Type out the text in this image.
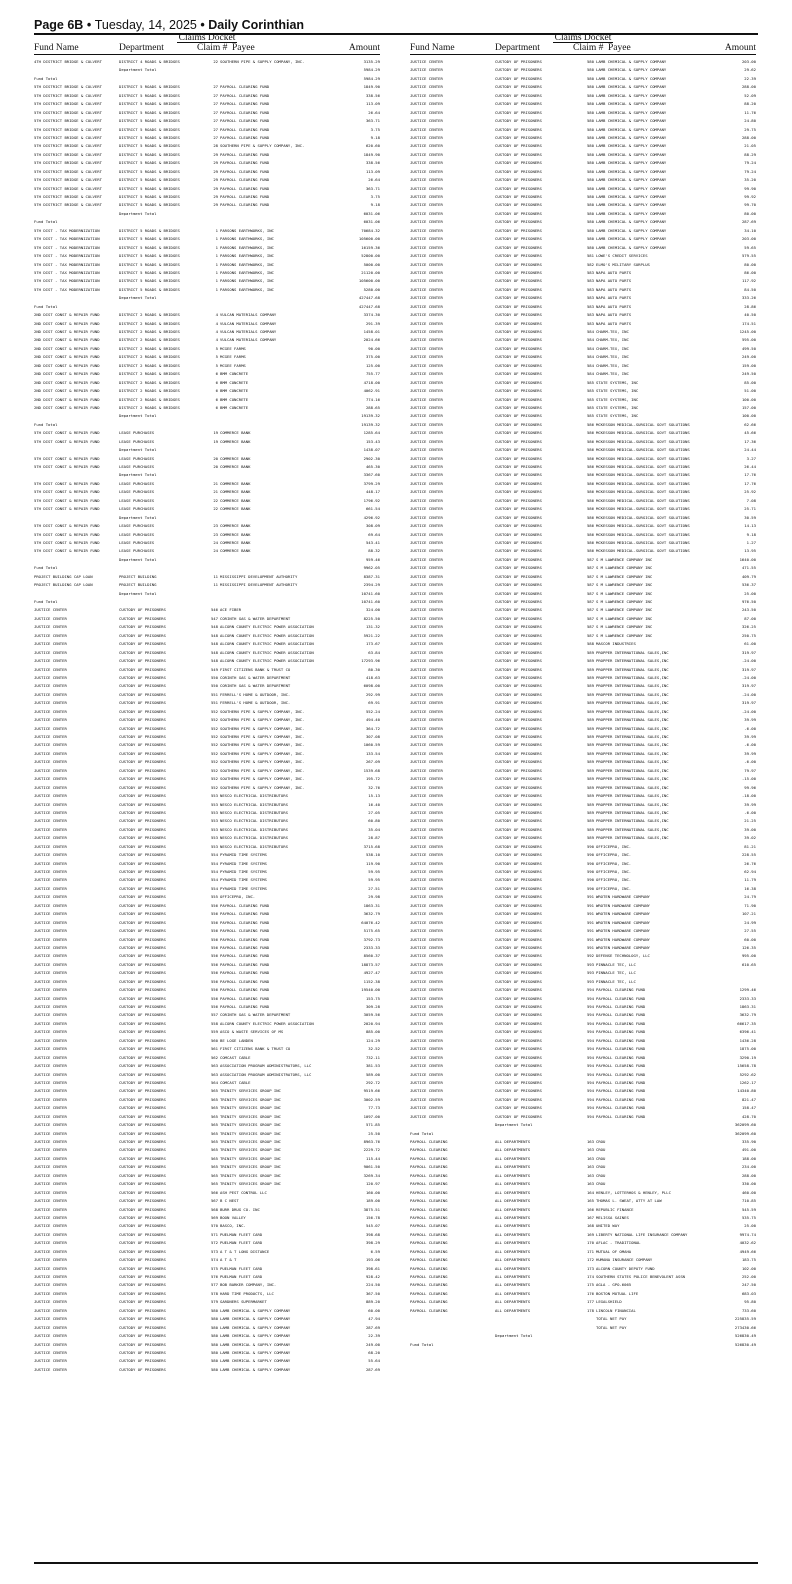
Page 6B • Tuesday, 14, 2025 • Daily Corinthian
Claims Docket
Fund Name	Department	Claim # Payee	Amount
4TH DISTRICT BRIDGE & CULVERT	DISTRICT 4 ROADS & BRIDGES	22 SOUTHERN PIPE & SUPPLY COMPANY, INC.	3135.29
Department Total	5984.29
Fund Total	5984.29
5TH DISTRICT BRIDGE & CULVERT	DISTRICT 5 ROADS & BRIDGES	27 PAYROLL CLEARING FUND	1849.90
5TH DISTRICT BRIDGE & CULVERT	DISTRICT 5 ROADS & BRIDGES	27 PAYROLL CLEARING FUND	338.56
5TH DISTRICT BRIDGE & CULVERT	DISTRICT 5 ROADS & BRIDGES	27 PAYROLL CLEARING FUND	113.09
5TH DISTRICT BRIDGE & CULVERT	DISTRICT 5 ROADS & BRIDGES	27 PAYROLL CLEARING FUND	26.64
5TH DISTRICT BRIDGE & CULVERT	DISTRICT 5 ROADS & BRIDGES	27 PAYROLL CLEARING FUND	363.71
5TH DISTRICT BRIDGE & CULVERT	DISTRICT 5 ROADS & BRIDGES	27 PAYROLL CLEARING FUND	3.75
5TH DISTRICT BRIDGE & CULVERT	DISTRICT 5 ROADS & BRIDGES	27 PAYROLL CLEARING FUND	9.18
5TH DISTRICT BRIDGE & CULVERT	DISTRICT 5 ROADS & BRIDGES	28 SOUTHERN PIPE & SUPPLY COMPANY, INC.	620.60
5TH DISTRICT BRIDGE & CULVERT	DISTRICT 5 ROADS & BRIDGES	29 PAYROLL CLEARING FUND	1849.90
5TH DISTRICT BRIDGE & CULVERT	DISTRICT 5 ROADS & BRIDGES	29 PAYROLL CLEARING FUND	338.56
5TH DISTRICT BRIDGE & CULVERT	DISTRICT 5 ROADS & BRIDGES	29 PAYROLL CLEARING FUND	113.09
5TH DISTRICT BRIDGE & CULVERT	DISTRICT 5 ROADS & BRIDGES	29 PAYROLL CLEARING FUND	26.64
5TH DISTRICT BRIDGE & CULVERT	DISTRICT 5 ROADS & BRIDGES	29 PAYROLL CLEARING FUND	363.71
5TH DISTRICT BRIDGE & CULVERT	DISTRICT 5 ROADS & BRIDGES	29 PAYROLL CLEARING FUND	3.75
5TH DISTRICT BRIDGE & CULVERT	DISTRICT 5 ROADS & BRIDGES	29 PAYROLL CLEARING FUND	9.18
Department Total	6031.06
Fund Total	6031.06
5TH DIST - TAX MODERNIZATION	DISTRICT 5 ROADS & BRIDGES	1 PARSONS EARTHWORKS, INC	70684.32
5TH DIST - TAX MODERNIZATION	DISTRICT 5 ROADS & BRIDGES	1 PARSONS EARTHWORKS, INC	105600.00
5TH DIST - TAX MODERNIZATION	DISTRICT 5 ROADS & BRIDGES	1 PARSONS EARTHWORKS, INC	16159.36
5TH DIST - TAX MODERNIZATION	DISTRICT 5 ROADS & BRIDGES	1 PARSONS EARTHWORKS, INC	52800.00
5TH DIST - TAX MODERNIZATION	DISTRICT 5 ROADS & BRIDGES	1 PARSONS EARTHWORKS, INC	5000.00
5TH DIST - TAX MODERNIZATION	DISTRICT 5 ROADS & BRIDGES	1 PARSONS EARTHWORKS, INC	21120.00
5TH DIST - TAX MODERNIZATION	DISTRICT 5 ROADS & BRIDGES	1 PARSONS EARTHWORKS, INC	105600.00
5TH DIST - TAX MODERNIZATION	DISTRICT 5 ROADS & BRIDGES	1 PARSONS EARTHWORKS, INC	5280.00
Department Total	427447.68
Fund Total	427447.68
2ND DIST CONST & REPAIR FUND	DISTRICT 2 ROADS & BRIDGES	4 VULCAN MATERIALS COMPANY	3374.30
2ND DIST CONST & REPAIR FUND	DISTRICT 2 ROADS & BRIDGES	4 VULCAN MATERIALS COMPANY	291.39
2ND DIST CONST & REPAIR FUND	DISTRICT 2 ROADS & BRIDGES	4 VULCAN MATERIALS COMPANY	1458.01
2ND DIST CONST & REPAIR FUND	DISTRICT 2 ROADS & BRIDGES	4 VULCAN MATERIALS COMPANY	2024.66
2ND DIST CONST & REPAIR FUND	DISTRICT 2 ROADS & BRIDGES	5 MCGEE FARMS	90.00
2ND DIST CONST & REPAIR FUND	DISTRICT 2 ROADS & BRIDGES	5 MCGEE FARMS	375.00
2ND DIST CONST & REPAIR FUND	DISTRICT 2 ROADS & BRIDGES	5 MCGEE FARMS	125.00
2ND DIST CONST & REPAIR FUND	DISTRICT 2 ROADS & BRIDGES	6 BMM CONCRETE	755.77
2ND DIST CONST & REPAIR FUND	DISTRICT 2 ROADS & BRIDGES	6 BMM CONCRETE	4718.00
2ND DIST CONST & REPAIR FUND	DISTRICT 2 ROADS & BRIDGES	6 BMM CONCRETE	4062.91
2ND DIST CONST & REPAIR FUND	DISTRICT 2 ROADS & BRIDGES	6 BMM CONCRETE	774.16
2ND DIST CONST & REPAIR FUND	DISTRICT 2 ROADS & BRIDGES	6 BMM CONCRETE	288.65
Department Total	19139.32
Fund Total	19139.32
5TH DIST CONST & REPAIR FUND	LEASE PURCHASES	19 COMMERCE BANK	1285.64
5TH DIST CONST & REPAIR FUND	LEASE PURCHASES	19 COMMERCE BANK	153.43
Department Total	1438.07
5TH DIST CONST & REPAIR FUND	LEASE PURCHASES	20 COMMERCE BANK	2902.30
5TH DIST CONST & REPAIR FUND	LEASE PURCHASES	20 COMMERCE BANK	465.30
Department Total	3367.60
5TH DIST CONST & REPAIR FUND	LEASE PURCHASES	21 COMMERCE BANK	3799.29
5TH DIST CONST & REPAIR FUND	LEASE PURCHASES	21 COMMERCE BANK	448.17
5TH DIST CONST & REPAIR FUND	LEASE PURCHASES	22 COMMERCE BANK	1796.92
5TH DIST CONST & REPAIR FUND	LEASE PURCHASES	22 COMMERCE BANK	661.54
Department Total	4296.92
5TH DIST CONST & REPAIR FUND	LEASE PURCHASES	23 COMMERCE BANK	308.09
5TH DIST CONST & REPAIR FUND	LEASE PURCHASES	23 COMMERCE BANK	69.64
5TH DIST CONST & REPAIR FUND	LEASE PURCHASES	24 COMMERCE BANK	543.41
5TH DIST CONST & REPAIR FUND	LEASE PURCHASES	24 COMMERCE BANK	88.32
Department Total	959.46
Fund Total	9962.05
PROJECT BUILDING CAP LOAN	PROJECT BUILDING	11 MISSISSIPPI DEVELOPMENT AUTHORITY	8387.31
PROJECT BUILDING CAP LOAN	PROJECT BUILDING	11 MISSISSIPPI DEVELOPMENT AUTHORITY	2394.29
Department Total	10741.60
Fund Total	10741.60
JUSTICE CENTER	CUSTODY OF PRISONERS	546 ACE FIBER	324.00
JUSTICE CENTER	CUSTODY OF PRISONERS	547 CORINTH GAS & WATER DEPARTMENT	8225.50
JUSTICE CENTER	CUSTODY OF PRISONERS	548 ALCORN COUNTY ELECTRIC POWER ASSOCIATION	131.32
JUSTICE CENTER	CUSTODY OF PRISONERS	548 ALCORN COUNTY ELECTRIC POWER ASSOCIATION	5921.22
JUSTICE CENTER	CUSTODY OF PRISONERS	548 ALCORN COUNTY ELECTRIC POWER ASSOCIATION	173.67
JUSTICE CENTER	CUSTODY OF PRISONERS	548 ALCORN COUNTY ELECTRIC POWER ASSOCIATION	63.84
JUSTICE CENTER	CUSTODY OF PRISONERS	548 ALCORN COUNTY ELECTRIC POWER ASSOCIATION	17293.96
JUSTICE CENTER	CUSTODY OF PRISONERS	549 FIRST CITIZENS BANK & TRUST CO	80.30
JUSTICE CENTER	CUSTODY OF PRISONERS	550 CORINTH GAS & WATER DEPARTMENT	418.63
JUSTICE CENTER	CUSTODY OF PRISONERS	550 CORINTH GAS & WATER DEPARTMENT	6098.00
JUSTICE CENTER	CUSTODY OF PRISONERS	551 FERRELL'S HOME & OUTDOOR, INC.	292.99
JUSTICE CENTER	CUSTODY OF PRISONERS	551 FERRELL'S HOME & OUTDOOR, INC.	69.91
JUSTICE CENTER	CUSTODY OF PRISONERS	552 SOUTHERN PIPE & SUPPLY COMPANY, INC.	552.24
JUSTICE CENTER	CUSTODY OF PRISONERS	552 SOUTHERN PIPE & SUPPLY COMPANY, INC.	494.40
JUSTICE CENTER	CUSTODY OF PRISONERS	552 SOUTHERN PIPE & SUPPLY COMPANY, INC.	364.72
JUSTICE CENTER	CUSTODY OF PRISONERS	552 SOUTHERN PIPE & SUPPLY COMPANY, INC.	307.08
JUSTICE CENTER	CUSTODY OF PRISONERS	552 SOUTHERN PIPE & SUPPLY COMPANY, INC.	1060.59
JUSTICE CENTER	CUSTODY OF PRISONERS	552 SOUTHERN PIPE & SUPPLY COMPANY, INC.	133.54
JUSTICE CENTER	CUSTODY OF PRISONERS	552 SOUTHERN PIPE & SUPPLY COMPANY, INC.	267.09
JUSTICE CENTER	CUSTODY OF PRISONERS	552 SOUTHERN PIPE & SUPPLY COMPANY, INC.	1539.68
JUSTICE CENTER	CUSTODY OF PRISONERS	552 SOUTHERN PIPE & SUPPLY COMPANY, INC.	195.72
JUSTICE CENTER	CUSTODY OF PRISONERS	552 SOUTHERN PIPE & SUPPLY COMPANY, INC.	32.76
JUSTICE CENTER	CUSTODY OF PRISONERS	553 NESCO ELECTRICAL DISTRIBUTORS	15.13
JUSTICE CENTER	CUSTODY OF PRISONERS	553 NESCO ELECTRICAL DISTRIBUTORS	16.40
JUSTICE CENTER	CUSTODY OF PRISONERS	553 NESCO ELECTRICAL DISTRIBUTORS	27.05
JUSTICE CENTER	CUSTODY OF PRISONERS	553 NESCO ELECTRICAL DISTRIBUTORS	60.80
JUSTICE CENTER	CUSTODY OF PRISONERS	553 NESCO ELECTRICAL DISTRIBUTORS	35.04
JUSTICE CENTER	CUSTODY OF PRISONERS	553 NESCO ELECTRICAL DISTRIBUTORS	28.87
JUSTICE CENTER	CUSTODY OF PRISONERS	553 NESCO ELECTRICAL DISTRIBUTORS	3715.68
JUSTICE CENTER	CUSTODY OF PRISONERS	554 PYRAMID TIME SYSTEMS	538.10
JUSTICE CENTER	CUSTODY OF PRISONERS	554 PYRAMID TIME SYSTEMS	119.90
JUSTICE CENTER	CUSTODY OF PRISONERS	554 PYRAMID TIME SYSTEMS	59.95
JUSTICE CENTER	CUSTODY OF PRISONERS	554 PYRAMID TIME SYSTEMS	59.95
JUSTICE CENTER	CUSTODY OF PRISONERS	554 PYRAMID TIME SYSTEMS	27.51
JUSTICE CENTER	CUSTODY OF PRISONERS	555 OFFICEPRO, INC.	29.98
JUSTICE CENTER	CUSTODY OF PRISONERS	556 PAYROLL CLEARING FUND	1863.31
JUSTICE CENTER	CUSTODY OF PRISONERS	556 PAYROLL CLEARING FUND	3632.79
JUSTICE CENTER	CUSTODY OF PRISONERS	556 PAYROLL CLEARING FUND	64076.42
JUSTICE CENTER	CUSTODY OF PRISONERS	556 PAYROLL CLEARING FUND	5175.65
JUSTICE CENTER	CUSTODY OF PRISONERS	556 PAYROLL CLEARING FUND	3792.73
JUSTICE CENTER	CUSTODY OF PRISONERS	556 PAYROLL CLEARING FUND	2333.33
JUSTICE CENTER	CUSTODY OF PRISONERS	556 PAYROLL CLEARING FUND	8560.37
JUSTICE CENTER	CUSTODY OF PRISONERS	556 PAYROLL CLEARING FUND	18873.57
JUSTICE CENTER	CUSTODY OF PRISONERS	556 PAYROLL CLEARING FUND	4927.47
JUSTICE CENTER	CUSTODY OF PRISONERS	556 PAYROLL CLEARING FUND	1152.38
JUSTICE CENTER	CUSTODY OF PRISONERS	556 PAYROLL CLEARING FUND	19540.00
JUSTICE CENTER	CUSTODY OF PRISONERS	556 PAYROLL CLEARING FUND	153.75
JUSTICE CENTER	CUSTODY OF PRISONERS	556 PAYROLL CLEARING FUND	309.28
JUSTICE CENTER	CUSTODY OF PRISONERS	557 CORINTH GAS & WATER DEPARTMENT	3059.56
JUSTICE CENTER	CUSTODY OF PRISONERS	558 ALCORN COUNTY ELECTRIC POWER ASSOCIATION	2020.94
JUSTICE CENTER	CUSTODY OF PRISONERS	559 ASCO & WASTE SERVICES OF MS	885.00
JUSTICE CENTER	CUSTODY OF PRISONERS	560 BE LOGE LANDEN	124.29
JUSTICE CENTER	CUSTODY OF PRISONERS	561 FIRST CITIZENS BANK & TRUST CO	32.52
JUSTICE CENTER	CUSTODY OF PRISONERS	562 COMCAST CABLE	732.11
JUSTICE CENTER	CUSTODY OF PRISONERS	563 ASSOCIATION PROGRAM ADMINISTRATORS, LLC	381.53
JUSTICE CENTER	CUSTODY OF PRISONERS	563 ASSOCIATION PROGRAM ADMINISTRATORS, LLC	589.00
JUSTICE CENTER	CUSTODY OF PRISONERS	564 COMCAST CABLE	292.72
JUSTICE CENTER	CUSTODY OF PRISONERS	565 TRINITY SERVICES GROUP INC	9519.66
JUSTICE CENTER	CUSTODY OF PRISONERS	565 TRINITY SERVICES GROUP INC	3002.59
JUSTICE CENTER	CUSTODY OF PRISONERS	565 TRINITY SERVICES GROUP INC	77.73
JUSTICE CENTER	CUSTODY OF PRISONERS	565 TRINITY SERVICES GROUP INC	1097.00
JUSTICE CENTER	CUSTODY OF PRISONERS	565 TRINITY SERVICES GROUP INC	571.85
JUSTICE CENTER	CUSTODY OF PRISONERS	565 TRINITY SERVICES GROUP INC	25.50
JUSTICE CENTER	CUSTODY OF PRISONERS	565 TRINITY SERVICES GROUP INC	8963.76
JUSTICE CENTER	CUSTODY OF PRISONERS	565 TRINITY SERVICES GROUP INC	2229.72
JUSTICE CENTER	CUSTODY OF PRISONERS	565 TRINITY SERVICES GROUP INC	115.44
JUSTICE CENTER	CUSTODY OF PRISONERS	565 TRINITY SERVICES GROUP INC	9061.50
JUSTICE CENTER	CUSTODY OF PRISONERS	565 TRINITY SERVICES GROUP INC	3269.34
JUSTICE CENTER	CUSTODY OF PRISONERS	565 TRINITY SERVICES GROUP INC	120.97
JUSTICE CENTER	CUSTODY OF PRISONERS	566 ASH PEST CONTROL LLC	160.00
JUSTICE CENTER	CUSTODY OF PRISONERS	567 B C NEST	189.00
JUSTICE CENTER	CUSTODY OF PRISONERS	568 BURR DRUG CO. INC	3875.51
JUSTICE CENTER	CUSTODY OF PRISONERS	569 BOON VALLEY	156.78
JUSTICE CENTER	CUSTODY OF PRISONERS	570 BASCO, INC.	545.07
JUSTICE CENTER	CUSTODY OF PRISONERS	571 PUELMAN FLEET CARD	398.68
JUSTICE CENTER	CUSTODY OF PRISONERS	572 PUELMAN FLEET CARD	398.29
JUSTICE CENTER	CUSTODY OF PRISONERS	573 A T & T LONG DISTANCE	6.59
JUSTICE CENTER	CUSTODY OF PRISONERS	574 A T & T	193.06
JUSTICE CENTER	CUSTODY OF PRISONERS	575 PUELMAN FLEET CARD	398.61
JUSTICE CENTER	CUSTODY OF PRISONERS	576 PUELMAN FLEET CARD	928.42
JUSTICE CENTER	CUSTODY OF PRISONERS	577 BOB BARKER COMPANY, INC.	224.50
JUSTICE CENTER	CUSTODY OF PRISONERS	578 HARD TIME PRODUCTS, LLC	367.50
JUSTICE CENTER	CUSTODY OF PRISONERS	579 GARDNERS SUPERMARKET	889.20
JUSTICE CENTER	CUSTODY OF PRISONERS	580 LAMB CHEMICAL & SUPPLY COMPANY	60.00
JUSTICE CENTER	CUSTODY OF PRISONERS	580 LAMB CHEMICAL & SUPPLY COMPANY	47.94
JUSTICE CENTER	CUSTODY OF PRISONERS	580 LAMB CHEMICAL & SUPPLY COMPANY	287.69
JUSTICE CENTER	CUSTODY OF PRISONERS	580 LAMB CHEMICAL & SUPPLY COMPANY	22.39
JUSTICE CENTER	CUSTODY OF PRISONERS	580 LAMB CHEMICAL & SUPPLY COMPANY	249.00
JUSTICE CENTER	CUSTODY OF PRISONERS	580 LAMB CHEMICAL & SUPPLY COMPANY	68.20
JUSTICE CENTER	CUSTODY OF PRISONERS	580 LAMB CHEMICAL & SUPPLY COMPANY	55.64
JUSTICE CENTER	CUSTODY OF PRISONERS	580 LAMB CHEMICAL & SUPPLY COMPANY	287.69
Claims Docket
Fund Name	Department	Claim # Payee	Amount
JUSTICE CENTER	CUSTODY OF PRISONERS	580 LAMB CHEMICAL & SUPPLY COMPANY	203.00
JUSTICE CENTER	CUSTODY OF PRISONERS	580 LAMB CHEMICAL & SUPPLY COMPANY	29.62
JUSTICE CENTER	CUSTODY OF PRISONERS	580 LAMB CHEMICAL & SUPPLY COMPANY	22.39
JUSTICE CENTER	CUSTODY OF PRISONERS	580 LAMB CHEMICAL & SUPPLY COMPANY	288.00
JUSTICE CENTER	CUSTODY OF PRISONERS	580 LAMB CHEMICAL & SUPPLY COMPANY	52.09
JUSTICE CENTER	CUSTODY OF PRISONERS	580 LAMB CHEMICAL & SUPPLY COMPANY	88.20
JUSTICE CENTER	CUSTODY OF PRISONERS	580 LAMB CHEMICAL & SUPPLY COMPANY	11.76
JUSTICE CENTER	CUSTODY OF PRISONERS	580 LAMB CHEMICAL & SUPPLY COMPANY	24.80
JUSTICE CENTER	CUSTODY OF PRISONERS	580 LAMB CHEMICAL & SUPPLY COMPANY	29.75
JUSTICE CENTER	CUSTODY OF PRISONERS	580 LAMB CHEMICAL & SUPPLY COMPANY	288.00
JUSTICE CENTER	CUSTODY OF PRISONERS	580 LAMB CHEMICAL & SUPPLY COMPANY	21.05
JUSTICE CENTER	CUSTODY OF PRISONERS	580 LAMB CHEMICAL & SUPPLY COMPANY	88.29
JUSTICE CENTER	CUSTODY OF PRISONERS	580 LAMB CHEMICAL & SUPPLY COMPANY	79.24
JUSTICE CENTER	CUSTODY OF PRISONERS	580 LAMB CHEMICAL & SUPPLY COMPANY	79.24
JUSTICE CENTER	CUSTODY OF PRISONERS	580 LAMB CHEMICAL & SUPPLY COMPANY	35.20
JUSTICE CENTER	CUSTODY OF PRISONERS	580 LAMB CHEMICAL & SUPPLY COMPANY	99.90
JUSTICE CENTER	CUSTODY OF PRISONERS	580 LAMB CHEMICAL & SUPPLY COMPANY	99.92
JUSTICE CENTER	CUSTODY OF PRISONERS	580 LAMB CHEMICAL & SUPPLY COMPANY	99.70
JUSTICE CENTER	CUSTODY OF PRISONERS	580 LAMB CHEMICAL & SUPPLY COMPANY	80.00
JUSTICE CENTER	CUSTODY OF PRISONERS	580 LAMB CHEMICAL & SUPPLY COMPANY	287.69
JUSTICE CENTER	CUSTODY OF PRISONERS	580 LAMB CHEMICAL & SUPPLY COMPANY	34.10
JUSTICE CENTER	CUSTODY OF PRISONERS	580 LAMB CHEMICAL & SUPPLY COMPANY	203.00
JUSTICE CENTER	CUSTODY OF PRISONERS	580 LAMB CHEMICAL & SUPPLY COMPANY	59.65
JUSTICE CENTER	CUSTODY OF PRISONERS	581 LOWE'S CREDIT SERVICES	579.55
JUSTICE CENTER	CUSTODY OF PRISONERS	582 ELMO'S MILITARY SURPLUS	80.00
JUSTICE CENTER	CUSTODY OF PRISONERS	583 NAPA AUTO PARTS	86.00
JUSTICE CENTER	CUSTODY OF PRISONERS	583 NAPA AUTO PARTS	117.92
JUSTICE CENTER	CUSTODY OF PRISONERS	583 NAPA AUTO PARTS	84.50
JUSTICE CENTER	CUSTODY OF PRISONERS	583 NAPA AUTO PARTS	333.26
JUSTICE CENTER	CUSTODY OF PRISONERS	583 NAPA AUTO PARTS	28.86
JUSTICE CENTER	CUSTODY OF PRISONERS	583 NAPA AUTO PARTS	40.50
JUSTICE CENTER	CUSTODY OF PRISONERS	583 NAPA AUTO PARTS	174.51
JUSTICE CENTER	CUSTODY OF PRISONERS	584 CHARM-TEX, INC	1245.00
JUSTICE CENTER	CUSTODY OF PRISONERS	584 CHARM-TEX, INC	595.00
JUSTICE CENTER	CUSTODY OF PRISONERS	584 CHARM-TEX, INC	499.50
JUSTICE CENTER	CUSTODY OF PRISONERS	584 CHARM-TEX, INC	249.00
JUSTICE CENTER	CUSTODY OF PRISONERS	584 CHARM-TEX, INC	159.00
JUSTICE CENTER	CUSTODY OF PRISONERS	584 CHARM-TEX, INC	249.50
JUSTICE CENTER	CUSTODY OF PRISONERS	585 STATE SYSTEMS, INC	85.00
JUSTICE CENTER	CUSTODY OF PRISONERS	585 STATE SYSTEMS, INC	51.00
JUSTICE CENTER	CUSTODY OF PRISONERS	585 STATE SYSTEMS, INC	100.00
JUSTICE CENTER	CUSTODY OF PRISONERS	585 STATE SYSTEMS, INC	157.00
JUSTICE CENTER	CUSTODY OF PRISONERS	585 STATE SYSTEMS, INC	100.00
JUSTICE CENTER	CUSTODY OF PRISONERS	586 MCKESSON MEDICAL-SURGICAL GOVT SOLUTIONS	62.66
JUSTICE CENTER	CUSTODY OF PRISONERS	586 MCKESSON MEDICAL-SURGICAL GOVT SOLUTIONS	45.66
JUSTICE CENTER	CUSTODY OF PRISONERS	586 MCKESSON MEDICAL-SURGICAL GOVT SOLUTIONS	17.36
JUSTICE CENTER	CUSTODY OF PRISONERS	586 MCKESSON MEDICAL-SURGICAL GOVT SOLUTIONS	24.44
JUSTICE CENTER	CUSTODY OF PRISONERS	586 MCKESSON MEDICAL-SURGICAL GOVT SOLUTIONS	3.27
JUSTICE CENTER	CUSTODY OF PRISONERS	586 MCKESSON MEDICAL-SURGICAL GOVT SOLUTIONS	26.44
JUSTICE CENTER	CUSTODY OF PRISONERS	586 MCKESSON MEDICAL-SURGICAL GOVT SOLUTIONS	17.76
JUSTICE CENTER	CUSTODY OF PRISONERS	586 MCKESSON MEDICAL-SURGICAL GOVT SOLUTIONS	17.76
JUSTICE CENTER	CUSTODY OF PRISONERS	586 MCKESSON MEDICAL-SURGICAL GOVT SOLUTIONS	25.92
JUSTICE CENTER	CUSTODY OF PRISONERS	586 MCKESSON MEDICAL-SURGICAL GOVT SOLUTIONS	7.08
JUSTICE CENTER	CUSTODY OF PRISONERS	586 MCKESSON MEDICAL-SURGICAL GOVT SOLUTIONS	25.71
JUSTICE CENTER	CUSTODY OF PRISONERS	586 MCKESSON MEDICAL-SURGICAL GOVT SOLUTIONS	30.59
JUSTICE CENTER	CUSTODY OF PRISONERS	586 MCKESSON MEDICAL-SURGICAL GOVT SOLUTIONS	14.13
JUSTICE CENTER	CUSTODY OF PRISONERS	586 MCKESSON MEDICAL-SURGICAL GOVT SOLUTIONS	9.18
JUSTICE CENTER	CUSTODY OF PRISONERS	586 MCKESSON MEDICAL-SURGICAL GOVT SOLUTIONS	1.27
JUSTICE CENTER	CUSTODY OF PRISONERS	586 MCKESSON MEDICAL-SURGICAL GOVT SOLUTIONS	13.95
JUSTICE CENTER	CUSTODY OF PRISONERS	587 S M LAWRENCE COMPANY INC	1640.00
JUSTICE CENTER	CUSTODY OF PRISONERS	587 S M LAWRENCE COMPANY INC	471.55
JUSTICE CENTER	CUSTODY OF PRISONERS	587 S M LAWRENCE COMPANY INC	409.79
JUSTICE CENTER	CUSTODY OF PRISONERS	587 S M LAWRENCE COMPANY INC	536.37
JUSTICE CENTER	CUSTODY OF PRISONERS	587 S M LAWRENCE COMPANY INC	25.00
JUSTICE CENTER	CUSTODY OF PRISONERS	587 S M LAWRENCE COMPANY INC	976.50
JUSTICE CENTER	CUSTODY OF PRISONERS	587 S M LAWRENCE COMPANY INC	243.50
JUSTICE CENTER	CUSTODY OF PRISONERS	587 S M LAWRENCE COMPANY INC	87.00
JUSTICE CENTER	CUSTODY OF PRISONERS	587 S M LAWRENCE COMPANY INC	326.25
JUSTICE CENTER	CUSTODY OF PRISONERS	587 S M LAWRENCE COMPANY INC	250.75
JUSTICE CENTER	CUSTODY OF PRISONERS	588 MASCOR INDUSTRIES	61.00
JUSTICE CENTER	CUSTODY OF PRISONERS	589 PROPPER INTERNATIONAL SALES,INC	319.97
JUSTICE CENTER	CUSTODY OF PRISONERS	589 PROPPER INTERNATIONAL SALES,INC	-24.00
JUSTICE CENTER	CUSTODY OF PRISONERS	589 PROPPER INTERNATIONAL SALES,INC	319.97
JUSTICE CENTER	CUSTODY OF PRISONERS	589 PROPPER INTERNATIONAL SALES,INC	-24.00
JUSTICE CENTER	CUSTODY OF PRISONERS	589 PROPPER INTERNATIONAL SALES,INC	319.97
JUSTICE CENTER	CUSTODY OF PRISONERS	589 PROPPER INTERNATIONAL SALES,INC	-24.00
JUSTICE CENTER	CUSTODY OF PRISONERS	589 PROPPER INTERNATIONAL SALES,INC	319.97
JUSTICE CENTER	CUSTODY OF PRISONERS	589 PROPPER INTERNATIONAL SALES,INC	-24.00
JUSTICE CENTER	CUSTODY OF PRISONERS	589 PROPPER INTERNATIONAL SALES,INC	39.99
JUSTICE CENTER	CUSTODY OF PRISONERS	589 PROPPER INTERNATIONAL SALES,INC	-6.00
JUSTICE CENTER	CUSTODY OF PRISONERS	589 PROPPER INTERNATIONAL SALES,INC	39.99
JUSTICE CENTER	CUSTODY OF PRISONERS	589 PROPPER INTERNATIONAL SALES,INC	-6.00
JUSTICE CENTER	CUSTODY OF PRISONERS	589 PROPPER INTERNATIONAL SALES,INC	39.99
JUSTICE CENTER	CUSTODY OF PRISONERS	589 PROPPER INTERNATIONAL SALES,INC	-6.00
JUSTICE CENTER	CUSTODY OF PRISONERS	589 PROPPER INTERNATIONAL SALES,INC	79.97
JUSTICE CENTER	CUSTODY OF PRISONERS	589 PROPPER INTERNATIONAL SALES,INC	-15.00
JUSTICE CENTER	CUSTODY OF PRISONERS	589 PROPPER INTERNATIONAL SALES,INC	99.96
JUSTICE CENTER	CUSTODY OF PRISONERS	589 PROPPER INTERNATIONAL SALES,INC	-18.00
JUSTICE CENTER	CUSTODY OF PRISONERS	589 PROPPER INTERNATIONAL SALES,INC	39.99
JUSTICE CENTER	CUSTODY OF PRISONERS	589 PROPPER INTERNATIONAL SALES,INC	-6.00
JUSTICE CENTER	CUSTODY OF PRISONERS	589 PROPPER INTERNATIONAL SALES,INC	21.25
JUSTICE CENTER	CUSTODY OF PRISONERS	589 PROPPER INTERNATIONAL SALES,INC	39.00
JUSTICE CENTER	CUSTODY OF PRISONERS	589 PROPPER INTERNATIONAL SALES,INC	39.02
JUSTICE CENTER	CUSTODY OF PRISONERS	590 OFFICEPRO, INC.	81.21
JUSTICE CENTER	CUSTODY OF PRISONERS	590 OFFICEPRO, INC.	228.55
JUSTICE CENTER	CUSTODY OF PRISONERS	590 OFFICEPRO, INC.	26.76
JUSTICE CENTER	CUSTODY OF PRISONERS	590 OFFICEPRO, INC.	62.94
JUSTICE CENTER	CUSTODY OF PRISONERS	590 OFFICEPRO, INC.	11.79
JUSTICE CENTER	CUSTODY OF PRISONERS	590 OFFICEPRO, INC.	16.38
JUSTICE CENTER	CUSTODY OF PRISONERS	591 WROTEN HARDWARE COMPANY	24.79
JUSTICE CENTER	CUSTODY OF PRISONERS	591 WROTEN HARDWARE COMPANY	71.90
JUSTICE CENTER	CUSTODY OF PRISONERS	591 WROTEN HARDWARE COMPANY	107.21
JUSTICE CENTER	CUSTODY OF PRISONERS	591 WROTEN HARDWARE COMPANY	24.99
JUSTICE CENTER	CUSTODY OF PRISONERS	591 WROTEN HARDWARE COMPANY	27.55
JUSTICE CENTER	CUSTODY OF PRISONERS	591 WROTEN HARDWARE COMPANY	60.00
JUSTICE CENTER	CUSTODY OF PRISONERS	591 WROTEN HARDWARE COMPANY	126.35
JUSTICE CENTER	CUSTODY OF PRISONERS	592 DEFENSE TECHNOLOGY, LLC	995.00
JUSTICE CENTER	CUSTODY OF PRISONERS	593 PINNACLE TEC, LLC	610.65
JUSTICE CENTER	CUSTODY OF PRISONERS	593 PINNACLE TEC, LLC
JUSTICE CENTER	CUSTODY OF PRISONERS	593 PINNACLE TEC, LLC
JUSTICE CENTER	CUSTODY OF PRISONERS	594 PAYROLL CLEARING FUND	1299.46
JUSTICE CENTER	CUSTODY OF PRISONERS	594 PAYROLL CLEARING FUND	2333.33
JUSTICE CENTER	CUSTODY OF PRISONERS	594 PAYROLL CLEARING FUND	1863.31
JUSTICE CENTER	CUSTODY OF PRISONERS	594 PAYROLL CLEARING FUND	3632.79
JUSTICE CENTER	CUSTODY OF PRISONERS	594 PAYROLL CLEARING FUND	66617.35
JUSTICE CENTER	CUSTODY OF PRISONERS	594 PAYROLL CLEARING FUND	6396.41
JUSTICE CENTER	CUSTODY OF PRISONERS	594 PAYROLL CLEARING FUND	1436.28
JUSTICE CENTER	CUSTODY OF PRISONERS	594 PAYROLL CLEARING FUND	1875.00
JUSTICE CENTER	CUSTODY OF PRISONERS	594 PAYROLL CLEARING FUND	3290.19
JUSTICE CENTER	CUSTODY OF PRISONERS	594 PAYROLL CLEARING FUND	15658.78
JUSTICE CENTER	CUSTODY OF PRISONERS	594 PAYROLL CLEARING FUND	5292.62
JUSTICE CENTER	CUSTODY OF PRISONERS	594 PAYROLL CLEARING FUND	1262.17
JUSTICE CENTER	CUSTODY OF PRISONERS	594 PAYROLL CLEARING FUND	14340.80
JUSTICE CENTER	CUSTODY OF PRISONERS	594 PAYROLL CLEARING FUND	821.47
JUSTICE CENTER	CUSTODY OF PRISONERS	594 PAYROLL CLEARING FUND	158.47
JUSTICE CENTER	CUSTODY OF PRISONERS	594 PAYROLL CLEARING FUND	428.70
Department Total	362099.60
Fund Total	362099.60
PAYROLL CLEARING	ALL DEPARTMENTS	163 CROU	335.90
PAYROLL CLEARING	ALL DEPARTMENTS	163 CROU	491.00
PAYROLL CLEARING	ALL DEPARTMENTS	163 CROU	188.00
PAYROLL CLEARING	ALL DEPARTMENTS	163 CROU	234.00
PAYROLL CLEARING	ALL DEPARTMENTS	163 CROU	288.00
PAYROLL CLEARING	ALL DEPARTMENTS	163 CROU	330.00
PAYROLL CLEARING	ALL DEPARTMENTS	164 HENLEY, LOTTERHOS & HENLEY, PLLC	460.00
PAYROLL CLEARING	ALL DEPARTMENTS	165 THOMAS L. SWEAT, ATTY AT LAW	710.85
PAYROLL CLEARING	ALL DEPARTMENTS	166 REPUBLIC FINANCE	545.59
PAYROLL CLEARING	ALL DEPARTMENTS	167 MELISSA SAINES	535.75
PAYROLL CLEARING	ALL DEPARTMENTS	168 UNITED WAY	25.00
PAYROLL CLEARING	ALL DEPARTMENTS	169 LIBERTY NATIONAL LIFE INSURANCE COMPANY	9974.74
PAYROLL CLEARING	ALL DEPARTMENTS	170 AFLAC - TRADITIONAL	4032.62
PAYROLL CLEARING	ALL DEPARTMENTS	171 MUTUAL OF OMAHA	4949.66
PAYROLL CLEARING	ALL DEPARTMENTS	172 HUMANA INSURANCE COMPANY	183.75
PAYROLL CLEARING	ALL DEPARTMENTS	173 ALCORN COUNTY DEPUTY FUND	102.00
PAYROLL CLEARING	ALL DEPARTMENTS	174 SOUTHERN STATES POLICE BENEVOLENT ASSN	252.00
PAYROLL CLEARING	ALL DEPARTMENTS	175 AGLA - GPO-6065	247.50
PAYROLL CLEARING	ALL DEPARTMENTS	176 BOSTON MUTUAL LIFE	683.03
PAYROLL CLEARING	ALL DEPARTMENTS	177 LEGALSHIELD	95.80
PAYROLL CLEARING	ALL DEPARTMENTS	178 LINCOLN FINANCIAL	733.60
TOTAL NET PAY	225835.59
TOTAL NET PAY	273430.66
Department Total	526830.49
Fund Total	526830.49
